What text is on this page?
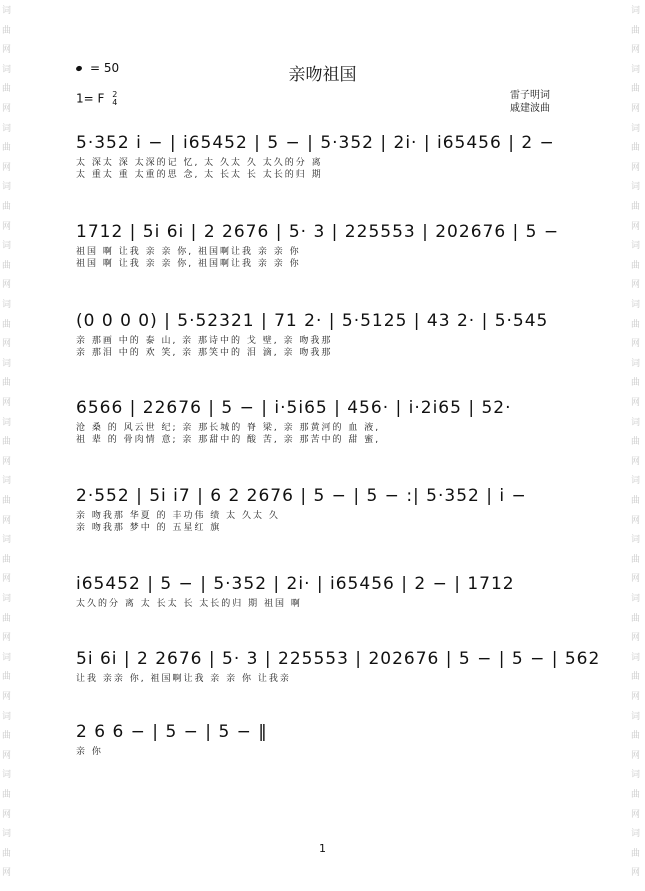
词
曲
网
词
曲
网
词
曲
网
词
曲
网
词
曲
网
词
曲
网
词
曲
网
词
曲
网
词
曲
网
词
曲
网
词
曲
网
词
曲
网
词
曲
网
词
曲
网
词
曲
网
词
曲
网
词
曲
网
词
曲
网
词
曲
网
词
曲
网
词
曲
网
词
曲
网
词
曲
网
词
曲
网
词
曲
网
词
曲
网
词
曲
网
词
曲
网
词
曲
网
词
曲
网
亲吻祖国
= 50
1= F 2
4
雷子明词
戚建波曲
5·352 i − | i65452 | 5 − | 5·352 | 2i· | i65456 | 2 −
太 深太 深 太深的记 忆, 太 久太 久 太久的分 离
太 重太 重 太重的思 念, 太 长太 长 太长的归 期
1712 | 5i 6i | 2 2676 | 5· 3 | 225553 | 202676 | 5 −
祖国 啊 让我 亲 亲 你, 祖国啊让我 亲 亲 你
祖国 啊 让我 亲 亲 你, 祖国啊让我 亲 亲 你
(0 0 0 0) | 5·52321 | 71 2· | 5·5125 | 43 2· | 5·545
亲 那画 中的 泰 山, 亲 那诗中的 戈 壁, 亲 吻我那
亲 那泪 中的 欢 笑, 亲 那笑中的 泪 滴, 亲 吻我那
6566 | 22676 | 5 − | i·5i65 | 456· | i·2i65 | 52·
沧 桑 的 风云世 纪; 亲 那长城的 脊 梁, 亲 那黄河的 血 液,
祖 辈 的 骨肉情 意; 亲 那甜中的 酸 苦, 亲 那苦中的 甜 蜜,
2·552 | 5i i7 | 6 2 2676 | 5 − | 5 − :| 5·352 | i −
亲 吻我那 华夏 的 丰功伟 绩 太 久太 久
亲 吻我那 梦中 的 五星红 旗
i65452 | 5 − | 5·352 | 2i· | i65456 | 2 − | 1712
太久的分 离 太 长太 长 太长的归 期 祖国 啊
5i 6i | 2 2676 | 5· 3 | 225553 | 202676 | 5 − | 5 − | 562
让我 亲亲 你, 祖国啊让我 亲 亲 你 让我亲
2 6 6 − | 5 − | 5 − ‖
亲 你
1
